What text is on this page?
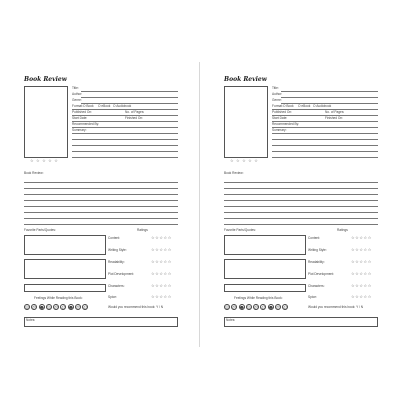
Book Review
☆ ☆ ☆ ☆ ☆
Title:
Author:
Genre:
Format: O Book O eBook O Audiobook
Published On:	No. of Pages:
Start Date:	Finished On:
Recommended By:
Summary:
Book Review:
Favorite Parts/Quotes:	Ratings
Content:	☆☆☆☆☆
Writing Style:	☆☆☆☆☆
Readability:	☆☆☆☆☆
Plot Development:	☆☆☆☆☆
Characters:	☆☆☆☆☆
Spice:	☆☆☆☆☆
Feelings While Reading this Book:
☺ ☹ ☻ ☺ ☹ ☺ ☻ ☹ ☺	Would you recommend this book: Y / N
Notes:
Book Review
☆ ☆ ☆ ☆ ☆
Title:
Author:
Genre:
Format: O Book O eBook O Audiobook
Published On:	No. of Pages:
Start Date:	Finished On:
Recommended By:
Summary:
Book Review:
Favorite Parts/Quotes:	Ratings
Content:	☆☆☆☆☆
Writing Style:	☆☆☆☆☆
Readability:	☆☆☆☆☆
Plot Development:	☆☆☆☆☆
Characters:	☆☆☆☆☆
Spice:	☆☆☆☆☆
Feelings While Reading this Book:
☺ ☹ ☻ ☺ ☹ ☺ ☻ ☹ ☺	Would you recommend this book: Y / N
Notes:
